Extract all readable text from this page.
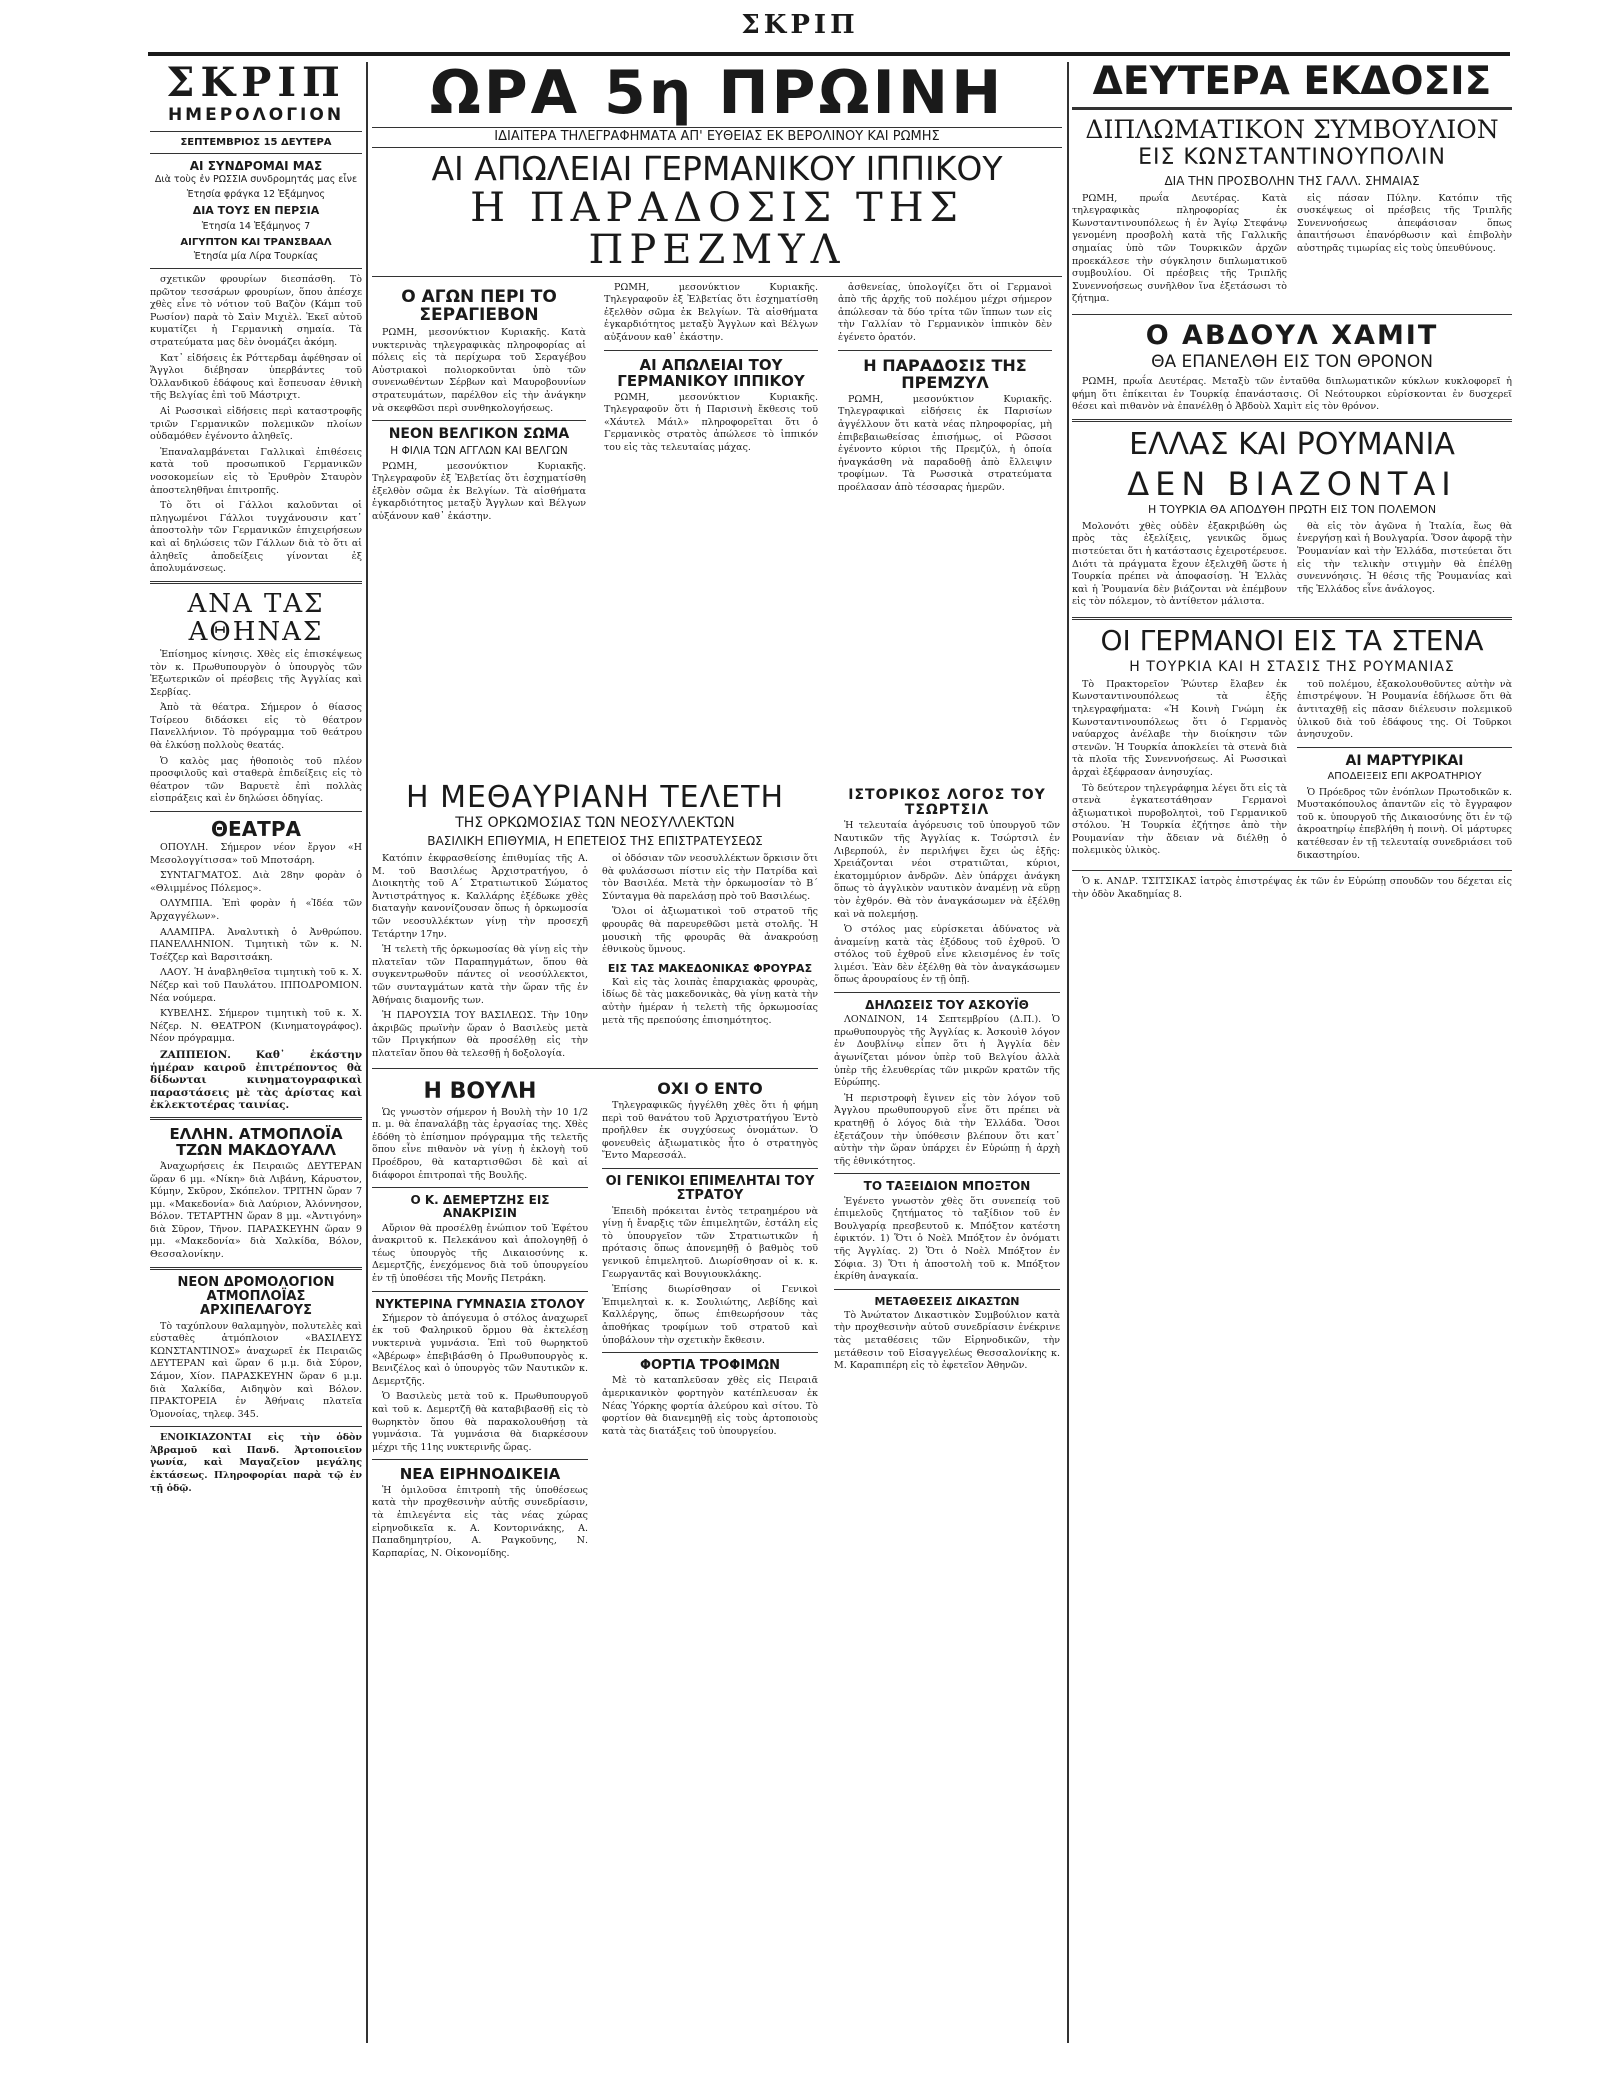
ΣΚΡΙΠ
ΣΚΡΙΠ
ΗΜΕΡΟΛΟΓΙΟΝ
ΣΕΠΤΕΜΒΡΙΟΣ 15 ΔΕΥΤΕΡΑ
ΑΙ ΣΥΝΔΡΟΜΑΙ ΜΑΣ
Διὰ τοὺς ἐν ΡΩΣΣΙΑ συνδρομητάς μας εἶνε
Ἐτησία φράγκα 12 Ἑξάμηνος
ΔΙΑ ΤΟΥΣ ΕΝ ΠΕΡΣΙΑ
Ἐτησία 14 Ἑξάμηνος 7
ΑΙΓΥΠΤΟΝ ΚΑΙ ΤΡΑΝΣΒΑΑΛ
Ἐτησία μία Λίρα Τουρκίας

σχετικῶν φρουρίων διεσπάσθη. Τὸ πρῶτον τεσσάρων φρουρίων, ὅπου ἀπέσχε χθὲς εἶνε τὸ νότιον τοῦ Βαζὸν (Κάμπ τοῦ Ρωσίον) παρὰ τὸ Σαὶν Μιχιὲλ. Ἐκεῖ αὐτοῦ κυματίζει ἡ Γερμανικὴ σημαία. Τὰ στρατεύματα μας δὲν ὀνομάζει ἀκόμη.

Κατ᾿ εἰδήσεις ἐκ Ρόττερδαμ ἀφέθησαν οἱ Ἄγγλοι διέβησαν ὑπερβάντες τοῦ Ὀλλανδικοῦ ἐδάφους καὶ ἔσπευσαν ἐθνικὴ τῆς Βελγίας ἐπὶ τοῦ Μάστριχτ.

Αἱ Ρωσσικαὶ εἰδήσεις περὶ καταστροφῆς τριῶν Γερμανικῶν πολεμικῶν πλοίων οὐδαμόθεν ἐγένοντο ἀληθεῖς.

Ἐπαναλαμβάνεται Γαλλικαὶ ἐπιθέσεις κατὰ τοῦ προσωπικοῦ Γερμανικῶν νοσοκομείων εἰς τὸ Ἐρυθρὸν Σταυρὸν ἀποστεληθῆναι ἐπιτροπῆς.

Τὸ ὅτι οἱ Γάλλοι καλοῦνται οἱ πληγωμένοι Γάλλοι τυγχάνουσιν κατ᾿ ἀποστολὴν τῶν Γερμανικῶν ἐπιχειρήσεων καὶ αἱ δηλώσεις τῶν Γάλλων διὰ τὸ ὅτι αἱ ἀληθεῖς ἀποδείξεις γίνονται ἐξ ἀπολυμάνσεως.

ΑΝΑ ΤΑΣ ΑΘΗΝΑΣ

Ἐπίσημος κίνησις. Χθὲς εἰς ἐπισκέψεως τὸν κ. Πρωθυπουργὸν ὁ ὑπουργὸς τῶν Ἐξωτερικῶν οἱ πρέσβεις τῆς Ἀγγλίας καὶ Σερβίας.

Ἀπὸ τὰ θέατρα. Σήμερον ὁ θίασος Τσίρεου διδάσκει εἰς τὸ θέατρον Πανελλήνιον. Τὸ πρόγραμμα τοῦ θεάτρου θὰ ἐλκύσῃ πολλοὺς θεατάς.

Ὁ καλὸς μας ἠθοποιὸς τοῦ πλέον προσφιλοῦς καὶ σταθερὰ ἐπιδείξεις εἰς τὸ θέατρον τῶν Βαρυετὲ ἐπὶ πολλὰς εἰσπράξεις καὶ ἐν δηλώσει ὁδηγίας.

ΘΕΑΤΡΑ

ΟΠΟΥΛΗ. Σήμερον νέον ἔργον «Η Μεσολογγίτισσα» τοῦ Μποτσάρη.

ΣΥΝΤΑΓΜΑΤΟΣ. Διὰ 28ην φορὰν ὁ «Θλιμμένος Πόλεμος».

ΟΛΥΜΠΙΑ. Ἐπὶ φορὰν ἡ «Ἰδέα τῶν Ἀρχαγγέλων».

ΑΛΑΜΠΡΑ. Ἀναλυτικὴ ὁ Ἀνθρώπου. ΠΑΝΕΛΛΗΝΙΟΝ. Τιμητικὴ τῶν κ. Ν. Τσέζζερ καὶ Βαρσιτσάκη.

ΛΑΟΥ. Ἡ ἀναβληθεῖσα τιμητικὴ τοῦ κ. Χ. Νέζερ καὶ τοῦ Παυλάτου. ΙΠΠΟΔΡΟΜΙΟΝ. Νέα νούμερα.

ΚΥΒΕΛΗΣ. Σήμερον τιμητικὴ τοῦ κ. Χ. Νέζερ. Ν. ΘΕΑΤΡΟΝ (Κινηματογράφος). Νέον πρόγραμμα.

ΖΑΠΠΕΙΟΝ. Καθ᾿ ἑκάστην ἡμέραν καιροῦ ἐπιτρέποντος θὰ δίδωνται κινηματογραφικαὶ παραστάσεις μὲ τὰς ἀρίστας καὶ ἐκλεκτοτέρας ταινίας.

ΕΛΛΗΝ. ΑΤΜΟΠΛΟΪΑ ΤΖΩΝ ΜΑΚΔΟΥΑΛΛ

Ἀναχωρήσεις ἐκ Πειραιῶς ΔΕΥΤΕΡΑΝ ὥραν 6 μμ. «Νίκη» διὰ Λιβάνη, Κάρυστον, Κύμην, Σκῦρον, Σκόπελον. ΤΡΙΤΗΝ ὥραν 7 μμ. «Μακεδονία» διὰ Λαύριον, Ἀλόννησον, Βόλον. ΤΕΤΑΡΤΗΝ ὥραν 8 μμ. «Ἀντιγόνη» διὰ Σῦρον, Τῆνον. ΠΑΡΑΣΚΕΥΗΝ ὥραν 9 μμ. «Μακεδονία» διὰ Χαλκίδα, Βόλον, Θεσσαλονίκην.

ΝΕΟΝ ΔΡΟΜΟΛΟΓΙΟΝ ΑΤΜΟΠΛΟΪΑΣ ΑΡΧΙΠΕΛΑΓΟΥΣ

Τὸ ταχύπλουν θαλαμηγὸν, πολυτελὲς καὶ εὐσταθὲς ἀτμόπλοιον «ΒΑΣΙΛΕΥΣ ΚΩΝΣΤΑΝΤΙΝΟΣ» ἀναχωρεῖ ἐκ Πειραιῶς ΔΕΥΤΕΡΑΝ καὶ ὥραν 6 μ.μ. διὰ Σύρον, Σάμον, Χίον. ΠΑΡΑΣΚΕΥΗΝ ὥραν 6 μ.μ. διὰ Χαλκίδα, Αιδηψὸν καὶ Βόλον. ΠΡΑΚΤΟΡΕΙΑ ἐν Ἀθήναις πλατεῖα Ὁμονοίας, τηλεφ. 345.

ΕΝΟΙΚΙΑΖΟΝΤΑΙ εἰς τὴν ὁδὸν Ἀβραμοῦ καὶ Πανδ. Ἀρτοποιεῖον γωνία, καὶ Μαγαζεῖον μεγάλης ἐκτάσεως. Πληροφορίαι παρὰ τῷ ἐν τῇ ὁδῷ.

ΩΡΑ 5η ΠΡΩΙΝΗ
ΙΔΙΑΙΤΕΡΑ ΤΗΛΕΓΡΑΦΗΜΑΤΑ ΑΠ' ΕΥΘΕΙΑΣ ΕΚ ΒΕΡΟΛΙΝΟΥ ΚΑΙ ΡΩΜΗΣ
ΑΙ ΑΠΩΛΕΙΑΙ ΓΕΡΜΑΝΙΚΟΥ ΙΠΠΙΚΟΥ
Η ΠΑΡΑΔΟΣΙΣ ΤΗΣ ΠΡΕΖΜΥΛ
Ο ΑΓΩΝ ΠΕΡΙ ΤΟ ΣΕΡΑΓΙΕΒΟΝ

ΡΩΜΗ, μεσονύκτιον Κυριακῆς. Κατὰ νυκτερινὰς τηλεγραφικὰς πληροφορίας αἱ πόλεις εἰς τὰ περίχωρα τοῦ Σεραγέβου Αὐστριακοὶ πολιορκοῦνται ὑπὸ τῶν συνενωθέντων Σέρβων καὶ Μαυροβουνίων στρατευμάτων, παρέλθον εἰς τὴν ἀνάγκην νὰ σκεφθῶσι περὶ συνθηκολογήσεως.

ΝΕΟΝ ΒΕΛΓΙΚΟΝ ΣΩΜΑ
Η ΦΙΛΙΑ ΤΩΝ ΑΓΓΛΩΝ ΚΑΙ ΒΕΛΓΩΝ

ΡΩΜΗ, μεσονύκτιον Κυριακῆς. Τηλεγραφοῦν ἐξ Ἐλβετίας ὅτι ἐσχηματίσθη ἐξελθὸν σῶμα ἐκ Βελγίων. Τὰ αἰσθήματα ἐγκαρδιότητος μεταξὺ Ἄγγλων καὶ Βέλγων αὐξάνουν καθ᾿ ἑκάστην.

ΡΩΜΗ, μεσονύκτιον Κυριακῆς. Τηλεγραφοῦν ἐξ Ἐλβετίας ὅτι ἐσχηματίσθη ἐξελθὸν σῶμα ἐκ Βελγίων. Τὰ αἰσθήματα ἐγκαρδιότητος μεταξὺ Ἄγγλων καὶ Βέλγων αὐξάνουν καθ᾿ ἑκάστην.

ΑΙ ΑΠΩΛΕΙΑΙ ΤΟΥ ΓΕΡΜΑΝΙΚΟΥ ΙΠΠΙΚΟΥ

ΡΩΜΗ, μεσονύκτιον Κυριακῆς. Τηλεγραφοῦν ὅτι ἡ Παρισινὴ ἔκθεσις τοῦ «Χάυτελ Μάιλ» πληροφορεῖται ὅτι ὁ Γερμανικὸς στρατὸς ἀπώλεσε τὸ ἱππικόν του εἰς τὰς τελευταίας μάχας.

ἀσθενείας, ὑπολογίζει ὅτι οἱ Γερμανοὶ ἀπὸ τῆς ἀρχῆς τοῦ πολέμου μέχρι σήμερον ἀπώλεσαν τὰ δύο τρίτα τῶν ἵππων των εἰς τὴν Γαλλίαν τὸ Γερμανικὸν ἱππικὸν δὲν ἐγένετο ὁρατόν.

Η ΠΑΡΑΔΟΣΙΣ ΤΗΣ ΠΡΕΜΖΥΛ

ΡΩΜΗ, μεσονύκτιον Κυριακῆς. Τηλεγραφικαὶ εἰδήσεις ἐκ Παρισίων ἀγγέλλουν ὅτι κατὰ νέας πληροφορίας, μὴ ἐπιβεβαιωθείσας ἐπισήμως, οἱ Ρῶσσοι ἐγένοντο κύριοι τῆς Πρεμζύλ, ἡ ὁποία ἠναγκάσθη νὰ παραδοθῇ ἀπὸ ἔλλειψιν τροφίμων. Τὰ Ρωσσικὰ στρατεύματα προέλασαν ἀπὸ τέσσαρας ἡμερῶν.

Η ΜΕΘΑΥΡΙΑΝΗ ΤΕΛΕΤΗ
ΤΗΣ ΟΡΚΩΜΟΣΙΑΣ ΤΩΝ ΝΕΟΣΥΛΛΕΚΤΩΝ
ΒΑΣΙΛΙΚΗ ΕΠΙΘΥΜΙΑ, Η ΕΠΕΤΕΙΟΣ ΤΗΣ ΕΠΙΣΤΡΑΤΕΥΣΕΩΣ

Κατόπιν ἐκφρασθείσης ἐπιθυμίας τῆς Α. Μ. τοῦ Βασιλέως Ἀρχιστρατήγου, ὁ Διοικητὴς τοῦ Α΄ Στρατιωτικοῦ Σώματος Ἀντιστράτηγος κ. Καλλάρης ἐξέδωκε χθὲς διαταγὴν κανονίζουσαν ὅπως ἡ ὁρκωμοσία τῶν νεοσυλλέκτων γίνῃ τὴν προσεχῆ Τετάρτην 17ην.

Ἡ τελετὴ τῆς ὁρκωμοσίας θὰ γίνῃ εἰς τὴν πλατεῖαν τῶν Παραπηγμάτων, ὅπου θὰ συγκεντρωθοῦν πάντες οἱ νεοσύλλεκτοι, τῶν συνταγμάτων κατὰ τὴν ὥραν τῆς ἐν Ἀθήναις διαμονῆς των.

Ἡ ΠΑΡΟΥΣΙΑ ΤΟΥ ΒΑΣΙΛΕΩΣ. Τὴν 10ην ἀκριβῶς πρωϊνὴν ὥραν ὁ Βασιλεὺς μετὰ τῶν Πριγκήπων θὰ προσέλθῃ εἰς τὴν πλατεῖαν ὅπου θὰ τελεσθῇ ἡ δοξολογία.

οἱ ὁδόσιαν τῶν νεοσυλλέκτων ὅρκισιν ὅτι θὰ φυλάσσωσι πίστιν εἰς τὴν Πατρίδα καὶ τὸν Βασιλέα. Μετὰ τὴν ὁρκωμοσίαν τὸ Β΄ Σύνταγμα θὰ παρελάσῃ πρὸ τοῦ Βασιλέως.

Ὅλοι οἱ ἀξιωματικοὶ τοῦ στρατοῦ τῆς φρουρᾶς θὰ παρευρεθῶσι μετὰ στολῆς. Ἡ μουσικὴ τῆς φρουρᾶς θὰ ἀνακρούσῃ ἐθνικοὺς ὕμνους.

ΕΙΣ ΤΑΣ ΜΑΚΕΔΟΝΙΚΑΣ ΦΡΟΥΡΑΣ

Καὶ εἰς τὰς λοιπὰς ἐπαρχιακὰς φρουρὰς, ἰδίως δὲ τὰς μακεδονικὰς, θὰ γίνῃ κατὰ τὴν αὐτὴν ἡμέραν ἡ τελετὴ τῆς ὁρκωμοσίας μετὰ τῆς πρεπούσης ἐπισημότητος.

Η ΒΟΥΛΗ

Ὡς γνωστὸν σήμερον ἡ Βουλὴ τὴν 10 1/2 π. μ. θὰ ἐπαναλάβῃ τὰς ἐργασίας της. Χθὲς ἐδόθη τὸ ἐπίσημον πρόγραμμα τῆς τελετῆς ὅπου εἶνε πιθανὸν νὰ γίνῃ ἡ ἐκλογὴ τοῦ Προέδρου, θὰ καταρτισθῶσι δὲ καὶ αἱ διάφοροι ἐπιτροπαὶ τῆς Βουλῆς.

Ο Κ. ΔΕΜΕΡΤΖΗΣ ΕΙΣ ΑΝΑΚΡΙΣΙΝ

Αὔριον θὰ προσέλθῃ ἐνώπιον τοῦ Ἐφέτου ἀνακριτοῦ κ. Πελεκάνου καὶ ἀπολογηθῇ ὁ τέως ὑπουργὸς τῆς Δικαιοσύνης κ. Δεμερτζῆς, ἐνεχόμενος διὰ τοῦ ὑπουργείου ἐν τῇ ὑποθέσει τῆς Μονῆς Πετράκη.

ΝΥΚΤΕΡΙΝΑ ΓΥΜΝΑΣΙΑ ΣΤΟΛΟΥ

Σήμερον τὸ ἀπόγευμα ὁ στόλος ἀναχωρεῖ ἐκ τοῦ Φαληρικοῦ ὅρμου θὰ ἐκτελέσῃ νυκτερινὰ γυμνάσια. Ἐπὶ τοῦ θωρηκτοῦ «Ἀβέρωφ» ἐπεβιβάσθη ὁ Πρωθυπουργὸς κ. Βενιζέλος καὶ ὁ ὑπουργὸς τῶν Ναυτικῶν κ. Δεμερτζῆς.

Ὁ Βασιλεὺς μετὰ τοῦ κ. Πρωθυπουργοῦ καὶ τοῦ κ. Δεμερτζῆ θὰ καταβιβασθῇ εἰς τὸ θωρηκτὸν ὅπου θὰ παρακολουθήσῃ τὰ γυμνάσια. Τὰ γυμνάσια θὰ διαρκέσουν μέχρι τῆς 11ης νυκτερινῆς ὥρας.

ΝΕΑ ΕΙΡΗΝΟΔΙΚΕΙΑ

Ἡ ὁμιλοῦσα ἐπιτροπὴ τῆς ὑποθέσεως κατὰ τὴν προχθεσινὴν αὐτῆς συνεδρίασιν, τὰ ἐπιλεγέντα εἰς τὰς νέας χώρας εἰρηνοδικεῖα κ. Α. Κοντορινάκης, Α. Παπαδημητρίου, Α. Ραγκοῦνης, Ν. Καρπαρίας, Ν. Οἰκονομίδης.

ΟΧΙ Ο ΕΝΤΟ

Τηλεγραφικῶς ἠγγέλθη χθὲς ὅτι ἡ φήμη περὶ τοῦ θανάτου τοῦ Ἀρχιστρατήγου Ἐντὸ προῆλθεν ἐκ συγχύσεως ὀνομάτων. Ὁ φονευθεὶς ἀξιωματικὸς ἦτο ὁ στρατηγὸς Ἔντο Μαρεσσάλ.

ΟΙ ΓΕΝΙΚΟΙ ΕΠΙΜΕΛΗΤΑΙ ΤΟΥ ΣΤΡΑΤΟΥ

Ἐπειδὴ πρόκειται ἐντὸς τετραημέρου νὰ γίνῃ ἡ ἔναρξις τῶν ἐπιμελητῶν, ἐστάλη εἰς τὸ ὑπουργεῖον τῶν Στρατιωτικῶν ἡ πρότασις ὅπως ἀπονεμηθῇ ὁ βαθμὸς τοῦ γενικοῦ ἐπιμελητοῦ. Διωρίσθησαν οἱ κ. κ. Γεωργαντᾶς καὶ Βουγιουκλάκης.

Ἐπίσης διωρίσθησαν οἱ Γενικοὶ Ἐπιμεληταὶ κ. κ. Σουλιώτης, Λεβίδης καὶ Καλλέργης, ὅπως ἐπιθεωρήσουν τὰς ἀποθήκας τροφίμων τοῦ στρατοῦ καὶ ὑποβάλουν τὴν σχετικὴν ἔκθεσιν.

ΦΟΡΤΙΑ ΤΡΟΦΙΜΩΝ

Μὲ τὸ καταπλεῦσαν χθὲς εἰς Πειραιᾶ ἀμερικανικὸν φορτηγὸν κατέπλευσαν ἐκ Νέας Ὑόρκης φορτία ἀλεύρου καὶ σίτου. Τὸ φορτίον θὰ διανεμηθῇ εἰς τοὺς ἀρτοποιοὺς κατὰ τὰς διατάξεις τοῦ ὑπουργείου.

ΙΣΤΟΡΙΚΟΣ ΛΟΓΟΣ ΤΟΥ ΤΣΩΡΤΣΙΛ

Ἡ τελευταία ἀγόρευσις τοῦ ὑπουργοῦ τῶν Ναυτικῶν τῆς Ἀγγλίας κ. Τσώρτσιλ ἐν Λιβερπούλ, ἐν περιλήψει ἔχει ὡς ἑξῆς: Χρειάζονται νέοι στρατιῶται, κύριοι, ἑκατομμύριον ἀνδρῶν. Δὲν ὑπάρχει ἀνάγκη ὅπως τὸ ἀγγλικὸν ναυτικὸν ἀναμένῃ νὰ εὕρῃ τὸν ἐχθρόν. Θὰ τὸν ἀναγκάσωμεν νὰ ἐξέλθῃ καὶ νὰ πολεμήσῃ.

Ὁ στόλος μας εὑρίσκεται ἀδύνατος νὰ ἀναμείνῃ κατὰ τὰς ἐξόδους τοῦ ἐχθροῦ. Ὁ στόλος τοῦ ἐχθροῦ εἶνε κλεισμένος ἐν τοῖς λιμέσι. Ἐὰν δὲν ἐξέλθῃ θὰ τὸν ἀναγκάσωμεν ὅπως ἀρουραίους ἐν τῇ ὀπῇ.

ΔΗΛΩΣΕΙΣ ΤΟΥ ΑΣΚΟΥΪΘ

ΛΟΝΔΙΝΟΝ, 14 Σεπτεμβρίου (Δ.Π.). Ὁ πρωθυπουργὸς τῆς Ἀγγλίας κ. Ἀσκουὶθ λόγον ἐν Δουβλίνῳ εἶπεν ὅτι ἡ Ἀγγλία δὲν ἀγωνίζεται μόνον ὑπὲρ τοῦ Βελγίου ἀλλὰ ὑπὲρ τῆς ἐλευθερίας τῶν μικρῶν κρατῶν τῆς Εὐρώπης.

Ἡ περιστροφὴ ἔγινεν εἰς τὸν λόγον τοῦ Ἀγγλου πρωθυπουργοῦ εἶνε ὅτι πρέπει νὰ κρατηθῇ ὁ λόγος διὰ τὴν Ἑλλάδα. Ὅσοι ἐξετάζουν τὴν ὑπόθεσιν βλέπουν ὅτι κατ᾿ αὐτὴν τὴν ὥραν ὑπάρχει ἐν Εὐρώπῃ ἡ ἀρχὴ τῆς ἐθνικότητος.

ΤΟ ΤΑΞΕΙΔΙΟΝ ΜΠΟΞΤΟΝ

Ἐγένετο γνωστὸν χθὲς ὅτι συνεπείᾳ τοῦ ἐπιμελοῦς ζητήματος τὸ ταξίδιον τοῦ ἐν Βουλγαρίᾳ πρεσβευτοῦ κ. Μπόξτον κατέστη ἐφικτόν. 1) Ὅτι ὁ Νοὲλ Μπόξτον ἐν ὀνόματι τῆς Ἀγγλίας. 2) Ὅτι ὁ Νοὲλ Μπόξτον ἐν Σόφια. 3) Ὅτι ἡ ἀποστολὴ τοῦ κ. Μπόξτον ἐκρίθη ἀναγκαία.

ΜΕΤΑΘΕΣΕΙΣ ΔΙΚΑΣΤΩΝ

Τὸ Ἀνώτατον Δικαστικὸν Συμβούλιον κατὰ τὴν προχθεσινὴν αὐτοῦ συνεδρίασιν ἐνέκρινε τὰς μεταθέσεις τῶν Εἰρηνοδικῶν, τὴν μετάθεσιν τοῦ Εἰσαγγελέως Θεσσαλονίκης κ. Μ. Καραπιπέρη εἰς τὸ ἐφετεῖον Ἀθηνῶν.

ΔΕΥΤΕΡΑ ΕΚΔΟΣΙΣ
ΔΙΠΛΩΜΑΤΙΚΟΝ ΣΥΜΒΟΥΛΙΟΝ
ΕΙΣ ΚΩΝΣΤΑΝΤΙΝΟΥΠΟΛΙΝ
ΔΙΑ ΤΗΝ ΠΡΟΣΒΟΛΗΝ ΤΗΣ ΓΑΛΛ. ΣΗΜΑΙΑΣ

ΡΩΜΗ, πρωΐα Δευτέρας. Κατὰ τηλεγραφικὰς πληροφορίας ἐκ Κωνσταντινουπόλεως ἡ ἐν Ἁγίῳ Στεφάνῳ γενομένη προσβολὴ κατὰ τῆς Γαλλικῆς σημαίας ὑπὸ τῶν Τουρκικῶν ἀρχῶν προεκάλεσε τὴν σύγκλησιν διπλωματικοῦ συμβουλίου. Οἱ πρέσβεις τῆς Τριπλῆς Συνεννοήσεως συνῆλθον ἵνα ἐξετάσωσι τὸ ζήτημα.

εἰς πάσαν Πύλην. Κατόπιν τῆς συσκέψεως οἱ πρέσβεις τῆς Τριπλῆς Συνεννοήσεως ἀπεφάσισαν ὅπως ἀπαιτήσωσι ἐπανόρθωσιν καὶ ἐπιβολὴν αὐστηρᾶς τιμωρίας εἰς τοὺς ὑπευθύνους.

Ο ΑΒΔΟΥΛ ΧΑΜΙΤ
ΘΑ ΕΠΑΝΕΛΘΗ ΕΙΣ ΤΟΝ ΘΡΟΝΟΝ

ΡΩΜΗ, πρωΐα Δευτέρας. Μεταξὺ τῶν ἐνταῦθα διπλωματικῶν κύκλων κυκλοφορεῖ ἡ φήμη ὅτι ἐπίκειται ἐν Τουρκίᾳ ἐπανάστασις. Οἱ Νεότουρκοι εὑρίσκονται ἐν δυσχερεῖ θέσει καὶ πιθανὸν νὰ ἐπανέλθῃ ὁ Ἀβδοὺλ Χαμὶτ εἰς τὸν θρόνον.

ΕΛΛΑΣ ΚΑΙ ΡΟΥΜΑΝΙΑ
ΔΕΝ ΒΙΑΖΟΝΤΑΙ
Η ΤΟΥΡΚΙΑ ΘΑ ΑΠΟΔΥΘΗ ΠΡΩΤΗ ΕΙΣ ΤΟΝ ΠΟΛΕΜΟΝ

Μολονότι χθὲς οὐδὲν ἐξακριβώθη ὡς πρὸς τὰς ἐξελίξεις, γενικῶς ὅμως πιστεύεται ὅτι ἡ κατάστασις ἐχειροτέρευσε. Διότι τὰ πράγματα ἔχουν ἐξελιχθῆ ὥστε ἡ Τουρκία πρέπει νὰ ἀποφασίσῃ. Ἡ Ἑλλὰς καὶ ἡ Ῥουμανία δὲν βιάζονται νὰ ἐπέμβουν εἰς τὸν πόλεμον, τὸ ἀντίθετον μάλιστα.

θὰ εἰς τὸν ἀγῶνα ἡ Ἰταλία, ἕως θὰ ἐνεργήσῃ καὶ ἡ Βουλγαρία. Ὅσον ἀφορᾷ τὴν Ῥουμανίαν καὶ τὴν Ἑλλάδα, πιστεύεται ὅτι εἰς τὴν τελικὴν στιγμὴν θὰ ἐπέλθῃ συνεννόησις. Ἡ θέσις τῆς Ῥουμανίας καὶ τῆς Ἑλλάδος εἶνε ἀνάλογος.

ΟΙ ΓΕΡΜΑΝΟΙ ΕΙΣ ΤΑ ΣΤΕΝΑ
Η ΤΟΥΡΚΙΑ ΚΑΙ Η ΣΤΑΣΙΣ ΤΗΣ ΡΟΥΜΑΝΙΑΣ

Τὸ Πρακτορεῖον Ῥώυτερ ἔλαβεν ἐκ Κωνσταντινουπόλεως τὰ ἑξῆς τηλεγραφήματα: «Ἡ Κοινὴ Γνώμη ἐκ Κωνσταντινουπόλεως ὅτι ὁ Γερμανὸς ναύαρχος ἀνέλαβε τὴν διοίκησιν τῶν στενῶν. Ἡ Τουρκία ἀποκλείει τὰ στενὰ διὰ τὰ πλοῖα τῆς Συνεννοήσεως. Αἱ Ρωσσικαὶ ἀρχαὶ ἐξέφρασαν ἀνησυχίας.

Τὸ δεύτερον τηλεγράφημα λέγει ὅτι εἰς τὰ στενὰ ἐγκατεστάθησαν Γερμανοὶ ἀξιωματικοὶ πυροβολητοὶ, τοῦ Γερμανικοῦ στόλου. Ἡ Τουρκία ἐζήτησε ἀπὸ τὴν Ρουμανίαν τὴν ἄδειαν νὰ διέλθῃ ὁ πολεμικὸς ὑλικὸς.

τοῦ πολέμου, ἐξακολουθοῦντες αὐτὴν νὰ ἐπιστρέψουν. Ἡ Ρουμανία ἐδήλωσε ὅτι θὰ ἀντιταχθῇ εἰς πᾶσαν διέλευσιν πολεμικοῦ ὑλικοῦ διὰ τοῦ ἐδάφους της. Οἱ Τοῦρκοι ἀνησυχοῦν.

ΑΙ ΜΑΡΤΥΡΙΚΑΙ
ΑΠΟΔΕΙΞΕΙΣ ΕΠΙ ΑΚΡΟΑΤΗΡΙΟΥ

Ὁ Πρόεδρος τῶν ἐνόπλων Πρωτοδικῶν κ. Μυστακόπουλος ἀπαντῶν εἰς τὸ ἔγγραφον τοῦ κ. ὑπουργοῦ τῆς Δικαιοσύνης ὅτι ἐν τῷ ἀκροατηρίῳ ἐπεβλήθη ἡ ποινὴ. Οἱ μάρτυρες κατέθεσαν ἐν τῇ τελευταίᾳ συνεδριάσει τοῦ δικαστηρίου.

Ὁ κ. ΑΝΔΡ. ΤΣΙΤΣΙΚΑΣ ἰατρὸς ἐπιστρέψας ἐκ τῶν ἐν Εὐρώπῃ σπουδῶν του δέχεται εἰς τὴν ὁδὸν Ἀκαδημίας 8.
